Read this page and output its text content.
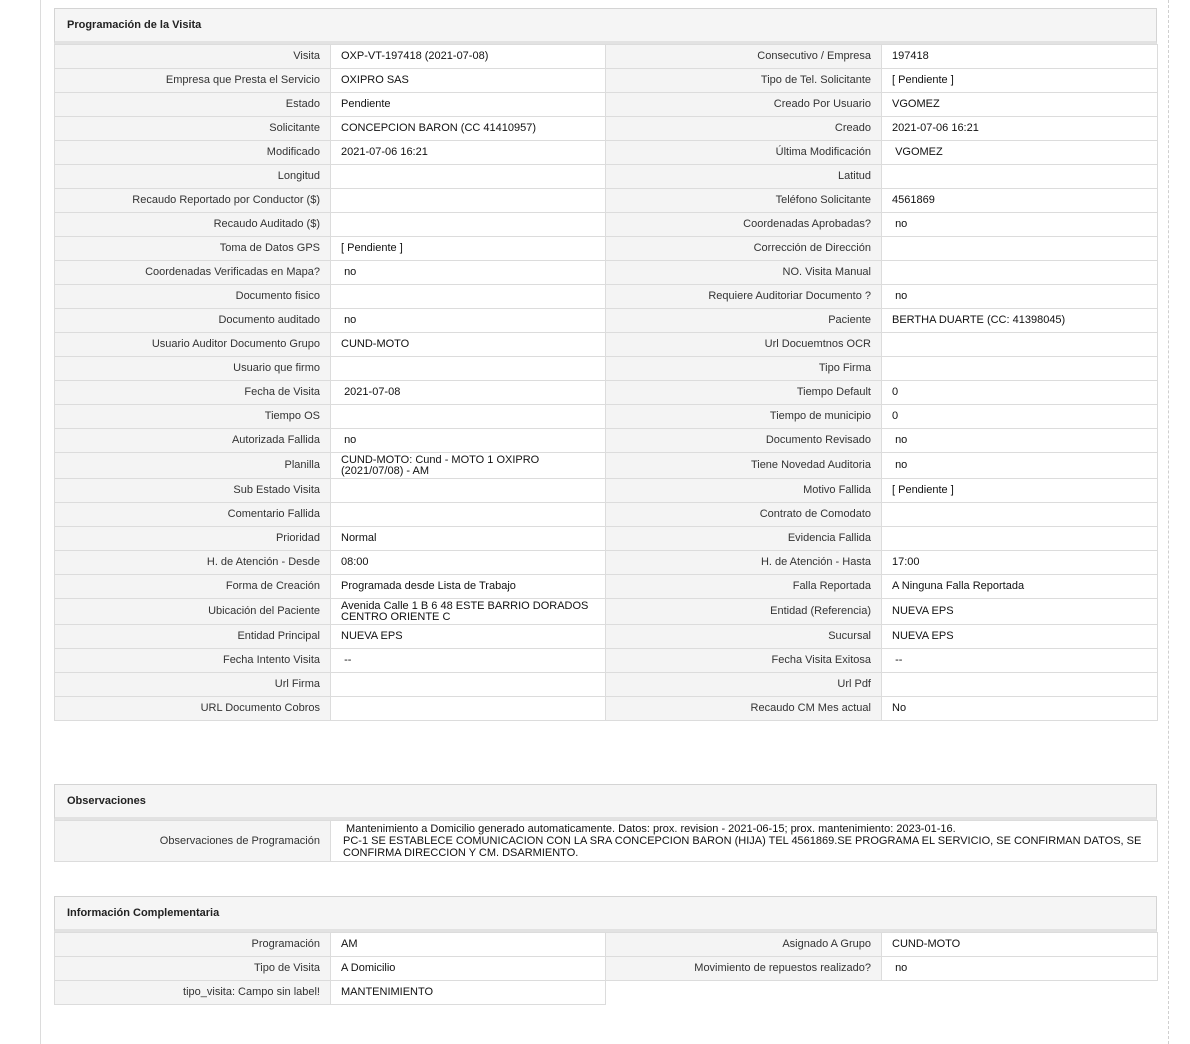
Programación de la Visita
Visita	OXP-VT-197418 (2021-07-08)	Consecutivo / Empresa	197418
Empresa que Presta el Servicio	OXIPRO SAS	Tipo de Tel. Solicitante	[ Pendiente ]
Estado	Pendiente	Creado Por Usuario	VGOMEZ
Solicitante	CONCEPCION BARON (CC 41410957)	Creado	2021-07-06 16:21
Modificado	2021-07-06 16:21	Última Modificación	VGOMEZ
Longitud		Latitud	
Recaudo Reportado por Conductor ($)		Teléfono Solicitante	4561869
Recaudo Auditado ($)		Coordenadas Aprobadas?	no
Toma de Datos GPS	[ Pendiente ]	Corrección de Dirección	
Coordenadas Verificadas en Mapa?	no	NO. Visita Manual	
Documento fisico		Requiere Auditoriar Documento ?	no
Documento auditado	no	Paciente	BERTHA DUARTE (CC: 41398045)
Usuario Auditor Documento Grupo	CUND-MOTO	Url Docuemtnos OCR	
Usuario que firmo		Tipo Firma	
Fecha de Visita	2021-07-08	Tiempo Default	0
Tiempo OS		Tiempo de municipio	0
Autorizada Fallida	no	Documento Revisado	no
Planilla	CUND-MOTO: Cund - MOTO 1 OXIPRO (2021/07/08) - AM	Tiene Novedad Auditoria	no
Sub Estado Visita		Motivo Fallida	[ Pendiente ]
Comentario Fallida		Contrato de Comodato	
Prioridad	Normal	Evidencia Fallida	
H. de Atención - Desde	08:00	H. de Atención - Hasta	17:00
Forma de Creación	Programada desde Lista de Trabajo	Falla Reportada	A Ninguna Falla Reportada
Ubicación del Paciente	Avenida Calle 1 B 6 48 ESTE BARRIO DORADOS CENTRO ORIENTE C	Entidad (Referencia)	NUEVA EPS
Entidad Principal	NUEVA EPS	Sucursal	NUEVA EPS
Fecha Intento Visita	--	Fecha Visita Exitosa	--
Url Firma		Url Pdf	
URL Documento Cobros		Recaudo CM Mes actual	No
Observaciones
Observaciones de Programación	
Mantenimiento a Domicilio generado automaticamente. Datos: prox. revision - 2021-06-15; prox. mantenimiento: 2023-01-16.
PC-1 SE ESTABLECE COMUNICACION CON LA SRA CONCEPCION BARON (HIJA) TEL 4561869.SE PROGRAMA EL SERVICIO, SE CONFIRMAN DATOS, SE CONFIRMA DIRECCION Y CM. DSARMIENTO.
Información Complementaria
Programación	AM	Asignado A Grupo	CUND-MOTO
Tipo de Visita	A Domicilio	Movimiento de repuestos realizado?	no
tipo_visita: Campo sin label!	MANTENIMIENTO		
